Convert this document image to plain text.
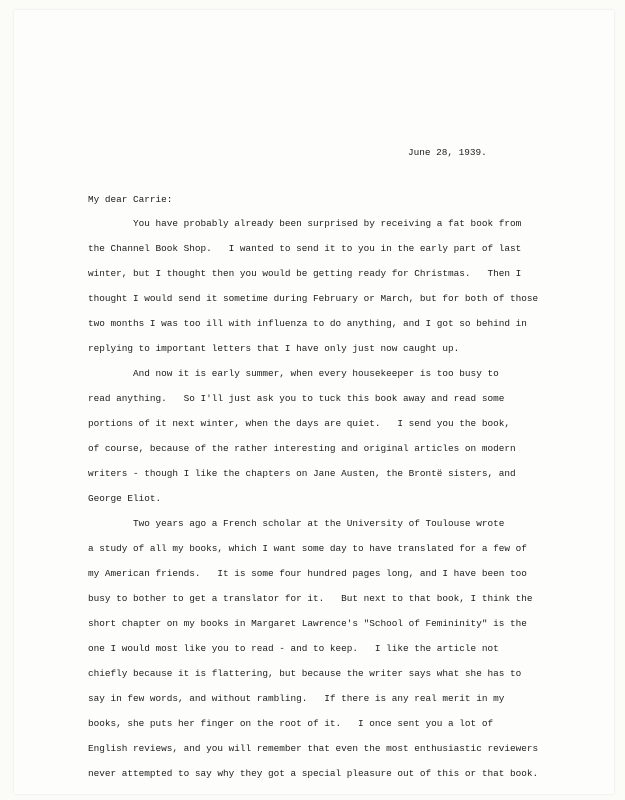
June 28, 1939.
My dear Carrie:
You have probably already been surprised by receiving a fat book from
the Channel Book Shop.   I wanted to send it to you in the early part of last
winter, but I thought then you would be getting ready for Christmas.   Then I
thought I would send it sometime during February or March, but for both of those
two months I was too ill with influenza to do anything, and I got so behind in
replying to important letters that I have only just now caught up.
And now it is early summer, when every housekeeper is too busy to
read anything.   So I'll just ask you to tuck this book away and read some
portions of it next winter, when the days are quiet.   I send you the book,
of course, because of the rather interesting and original articles on modern
writers - though I like the chapters on Jane Austen, the Brontë sisters, and
George Eliot.
Two years ago a French scholar at the University of Toulouse wrote
a study of all my books, which I want some day to have translated for a few of
my American friends.   It is some four hundred pages long, and I have been too
busy to bother to get a translator for it.   But next to that book, I think the
short chapter on my books in Margaret Lawrence's "School of Femininity" is the
one I would most like you to read - and to keep.   I like the article not
chiefly because it is flattering, but because the writer says what she has to
say in few words, and without rambling.   If there is any real merit in my
books, she puts her finger on the root of it.   I once sent you a lot of
English reviews, and you will remember that even the most enthusiastic reviewers
never attempted to say why they got a special pleasure out of this or that book.
